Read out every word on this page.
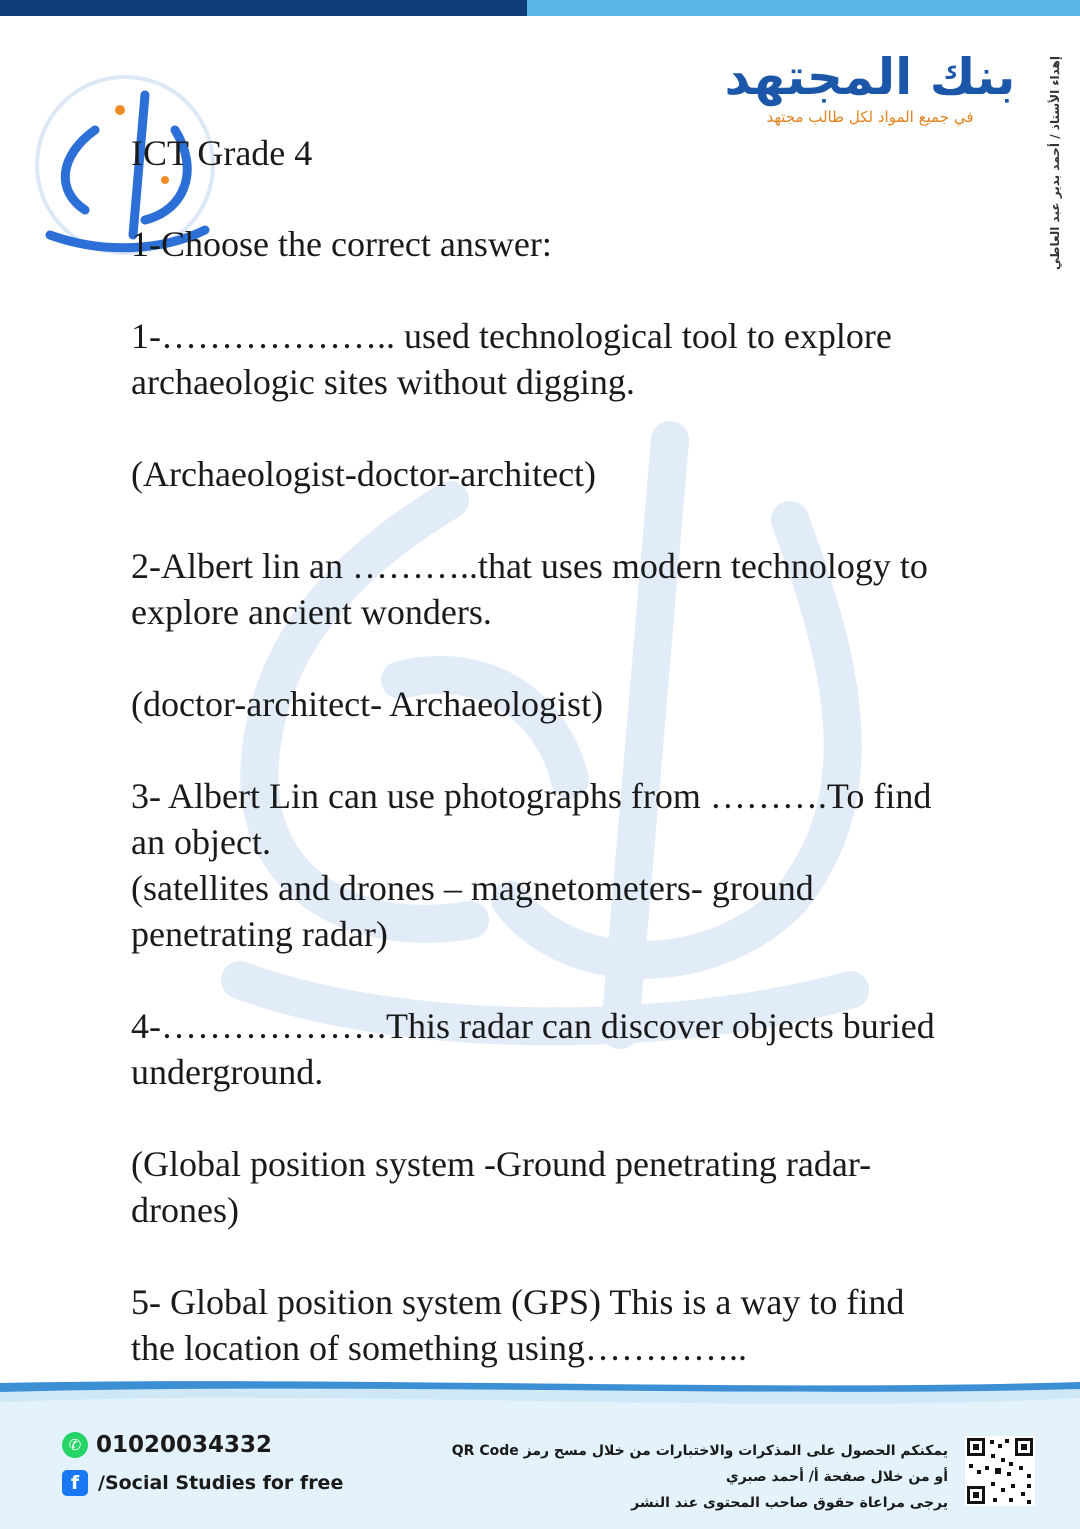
بنك المجتهد
في جميع المواد لكل طالب مجتهد	إهداء الأستاذ / أحمد بدير عبد العاطي
ICT Grade 4
1-Choose the correct answer:
1-……………….. used technological tool to explore archaeologic sites without digging.
(Archaeologist-doctor-architect)
2-Albert lin an ………..that uses modern technology to explore ancient wonders.
(doctor-architect- Archaeologist)
3- Albert Lin can use photographs from ……….To find an object.
(satellites and drones – magnetometers- ground penetrating radar)
4-……………….This radar can discover objects buried underground.
(Global position system -Ground penetrating radar- drones)
5- Global position system (GPS) This is a way to find the location of something using…………..
✆ 01020034332
f /Social Studies for free
يمكنكم الحصول على المذكرات والاختبارات من خلال مسح رمز QR Code
أو من خلال صفحة أ/ أحمد صبري
يرجى مراعاة حقوق صاحب المحتوى عند النشر
